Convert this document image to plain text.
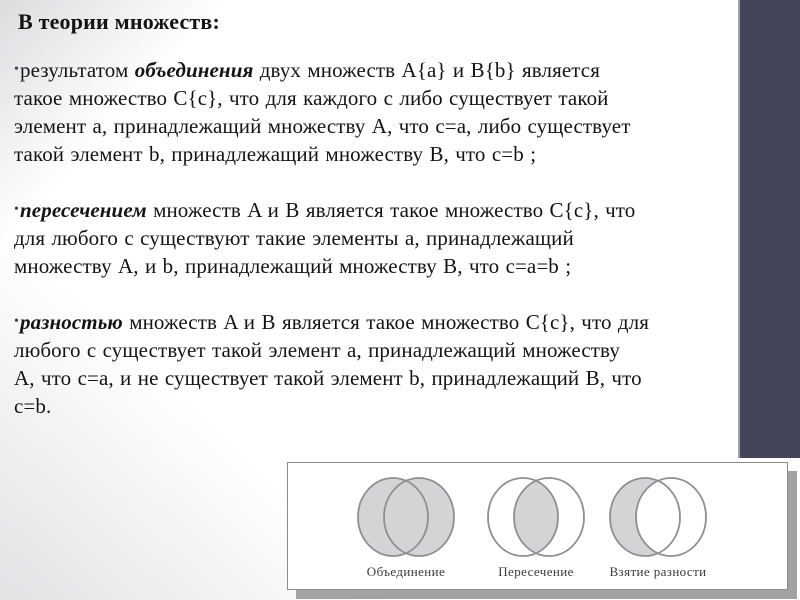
В теории множеств:

•результатом объединения двух множеств A{a} и B{b} является
такое множество C{c}, что для каждого c либо существует такой
элемент a, принадлежащий множеству A, что c=a, либо существует
такой элемент b, принадлежащий множеству B, что c=b ;

•пересечением множеств A и B является такое множество C{c}, что
для любого c существуют такие элементы a, принадлежащий
множеству A, и b, принадлежащий множеству B, что c=a=b ;

•разностью множеств A и B является такое множество C{c}, что для
любого c существует такой элемент a, принадлежащий множеству
A, что c=a, и не существует такой элемент b, принадлежащий B, что
c=b.

Объединение	Пересечение	Взятие разности
